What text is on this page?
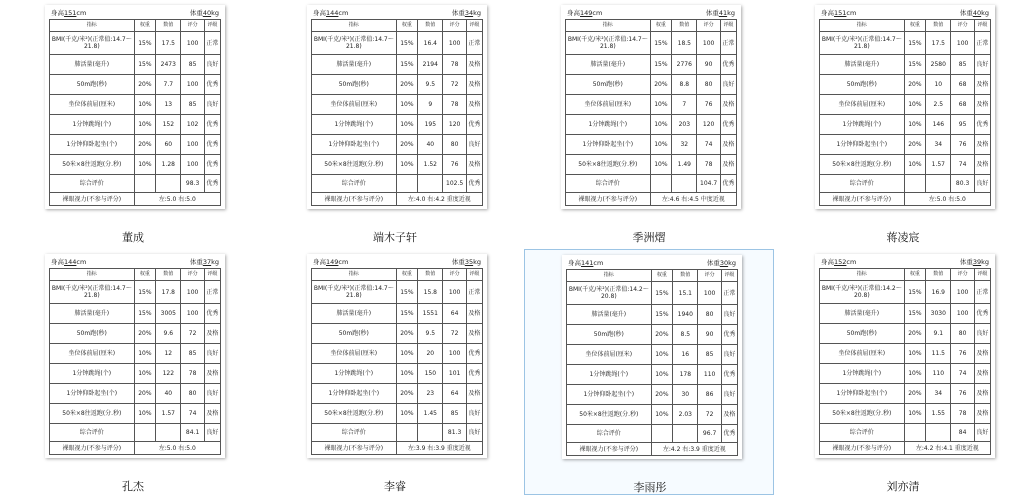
身高151cm	体重40kg
指标	权重	数值	评分	评级
BMI(千克/米²)(正常值:14.7～21.8)	15%	17.5	100	正常
肺活量(毫升)	15%	2473	85	良好
50m跑(秒)	20%	7.7	100	优秀
坐位体前屈(厘米)	10%	13	85	良好
1分钟跳绳(个)	10%	152	102	优秀
1分钟仰卧起坐(个)	20%	60	100	优秀
50米×8往返跑(分.秒)	10%	1.28	100	优秀
综合评价			98.3	优秀
裸眼视力(不参与评分)	左:5.0 右:5.0			
董成
身高144cm	体重34kg
指标	权重	数值	评分	评级
BMI(千克/米²)(正常值:14.7～21.8)	15%	16.4	100	正常
肺活量(毫升)	15%	2194	78	及格
50m跑(秒)	20%	9.5	72	及格
坐位体前屈(厘米)	10%	9	78	及格
1分钟跳绳(个)	10%	195	120	优秀
1分钟仰卧起坐(个)	20%	40	80	良好
50米×8往返跑(分.秒)	10%	1.52	76	及格
综合评价			102.5	优秀
裸眼视力(不参与评分)	左:4.0 右:4.2 重度近视			
端木子轩
身高149cm	体重41kg
指标	权重	数值	评分	评级
BMI(千克/米²)(正常值:14.7～21.8)	15%	18.5	100	正常
肺活量(毫升)	15%	2776	90	优秀
50m跑(秒)	20%	8.8	80	良好
坐位体前屈(厘米)	10%	7	76	及格
1分钟跳绳(个)	10%	203	120	优秀
1分钟仰卧起坐(个)	10%	32	74	及格
50米×8往返跑(分.秒)	10%	1.49	78	及格
综合评价			104.7	优秀
裸眼视力(不参与评分)	左:4.6 右:4.5 中度近视			
季洲熠
身高151cm	体重40kg
指标	权重	数值	评分	评级
BMI(千克/米²)(正常值:14.7～21.8)	15%	17.5	100	正常
肺活量(毫升)	15%	2580	85	良好
50m跑(秒)	20%	10	68	及格
坐位体前屈(厘米)	10%	2.5	68	及格
1分钟跳绳(个)	10%	146	95	优秀
1分钟仰卧起坐(个)	20%	34	76	及格
50米×8往返跑(分.秒)	10%	1.57	74	及格
综合评价			80.3	良好
裸眼视力(不参与评分)	左:5.0 右:5.0			
蒋凌宸
身高144cm	体重37kg
指标	权重	数值	评分	评级
BMI(千克/米²)(正常值:14.7～21.8)	15%	17.8	100	正常
肺活量(毫升)	15%	3005	100	优秀
50m跑(秒)	20%	9.6	72	及格
坐位体前屈(厘米)	10%	12	85	良好
1分钟跳绳(个)	10%	122	78	及格
1分钟仰卧起坐(个)	20%	40	80	良好
50米×8往返跑(分.秒)	10%	1.57	74	及格
综合评价			84.1	良好
裸眼视力(不参与评分)	左:5.0 右:5.0			
孔杰
身高149cm	体重35kg
指标	权重	数值	评分	评级
BMI(千克/米²)(正常值:14.7～21.8)	15%	15.8	100	正常
肺活量(毫升)	15%	1551	64	及格
50m跑(秒)	20%	9.5	72	及格
坐位体前屈(厘米)	10%	20	100	优秀
1分钟跳绳(个)	10%	150	101	优秀
1分钟仰卧起坐(个)	20%	23	64	及格
50米×8往返跑(分.秒)	10%	1.45	85	良好
综合评价			81.3	良好
裸眼视力(不参与评分)	左:3.9 右:3.9 重度近视			
李睿
身高141cm	体重30kg
指标	权重	数值	评分	评级
BMI(千克/米²)(正常值:14.2～20.8)	15%	15.1	100	正常
肺活量(毫升)	15%	1940	80	良好
50m跑(秒)	20%	8.5	90	优秀
坐位体前屈(厘米)	10%	16	85	良好
1分钟跳绳(个)	10%	178	110	优秀
1分钟仰卧起坐(个)	20%	30	86	良好
50米×8往返跑(分.秒)	10%	2.03	72	及格
综合评价			96.7	优秀
裸眼视力(不参与评分)	左:4.2 右:3.9 重度近视			
李雨彤
身高152cm	体重39kg
指标	权重	数值	评分	评级
BMI(千克/米²)(正常值:14.2～20.8)	15%	16.9	100	正常
肺活量(毫升)	15%	3030	100	优秀
50m跑(秒)	20%	9.1	80	良好
坐位体前屈(厘米)	10%	11.5	76	及格
1分钟跳绳(个)	10%	110	74	及格
1分钟仰卧起坐(个)	20%	34	76	及格
50米×8往返跑(分.秒)	10%	1.55	78	及格
综合评价			84	良好
裸眼视力(不参与评分)	左:4.2 右:4.1 重度近视			
刘亦清
